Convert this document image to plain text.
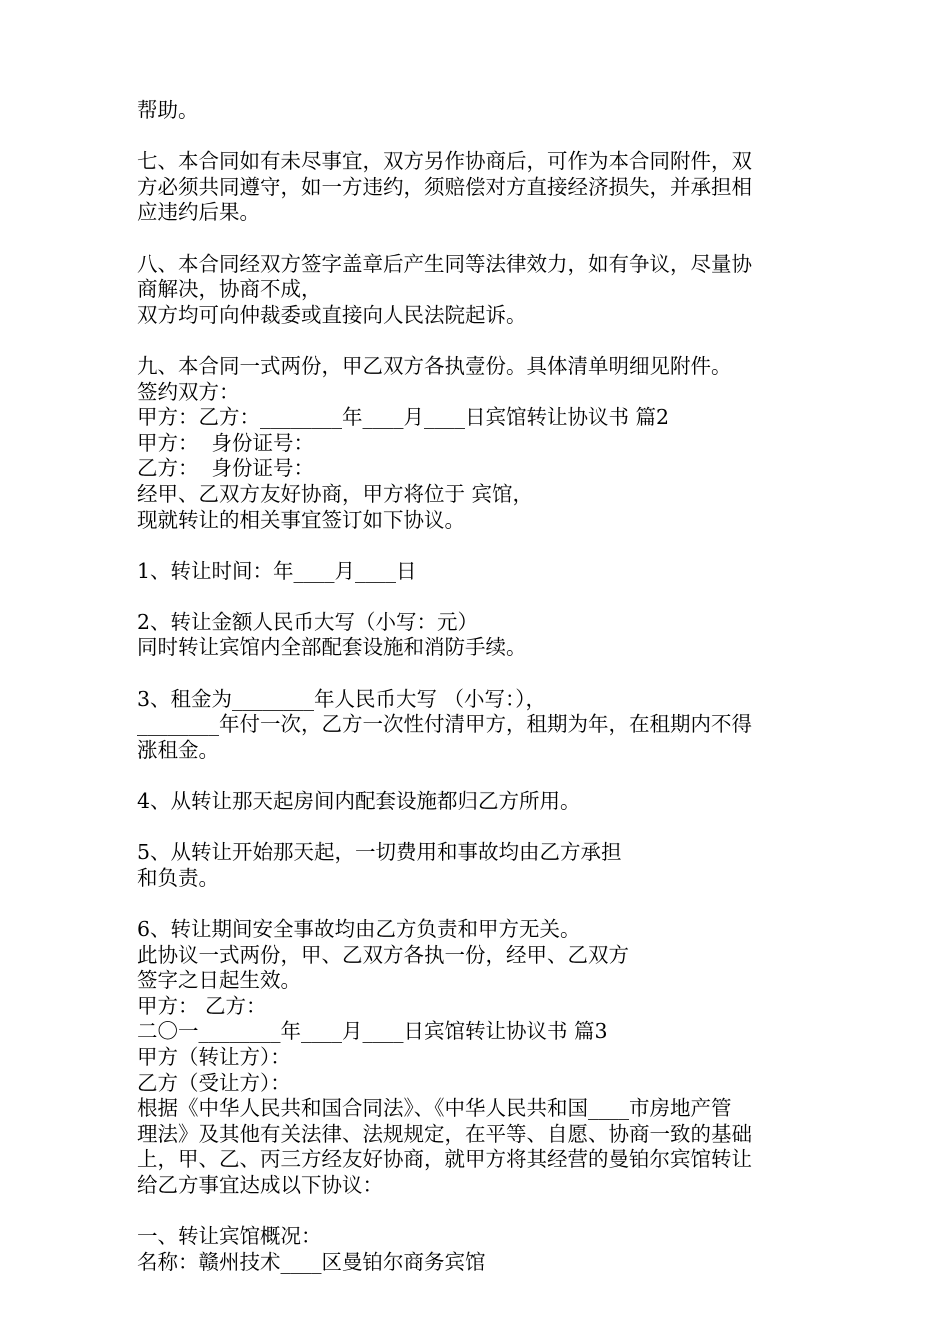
帮助。
七、本合同如有未尽事宜，双方另作协商后，可作为本合同附件，双
方必须共同遵守，如一方违约，须赔偿对方直接经济损失，并承担相
应违约后果。
八、本合同经双方签字盖章后产生同等法律效力，如有争议，尽量协
商解决，协商不成，
双方均可向仲裁委或直接向人民法院起诉。
九、本合同一式两份，甲乙双方各执壹份。具体清单明细见附件。
签约双方：
甲方：乙方：________年____月____日宾馆转让协议书 篇2
甲方：  身份证号：
乙方：  身份证号：
经甲、乙双方友好协商，甲方将位于 宾馆，
现就转让的相关事宜签订如下协议。
1、转让时间：年____月____日
2、转让金额人民币大写（小写：元）
同时转让宾馆内全部配套设施和消防手续。
3、租金为________年人民币大写 （小写：），
________年付一次，乙方一次性付清甲方，租期为年，在租期内不得
涨租金。
4、从转让那天起房间内配套设施都归乙方所用。
5、从转让开始那天起，一切费用和事故均由乙方承担
和负责。
6、转让期间安全事故均由乙方负责和甲方无关。
此协议一式两份，甲、乙双方各执一份，经甲、乙双方
签字之日起生效。
甲方： 乙方：
二〇一________年____月____日宾馆转让协议书 篇3
甲方（转让方）：
乙方（受让方）：
根据《中华人民共和国合同法》、《中华人民共和国____市房地产管
理法》及其他有关法律、法规规定，在平等、自愿、协商一致的基础
上，甲、乙、丙三方经友好协商，就甲方将其经营的曼铂尔宾馆转让
给乙方事宜达成以下协议：
一、转让宾馆概况：
名称：赣州技术____区曼铂尔商务宾馆
